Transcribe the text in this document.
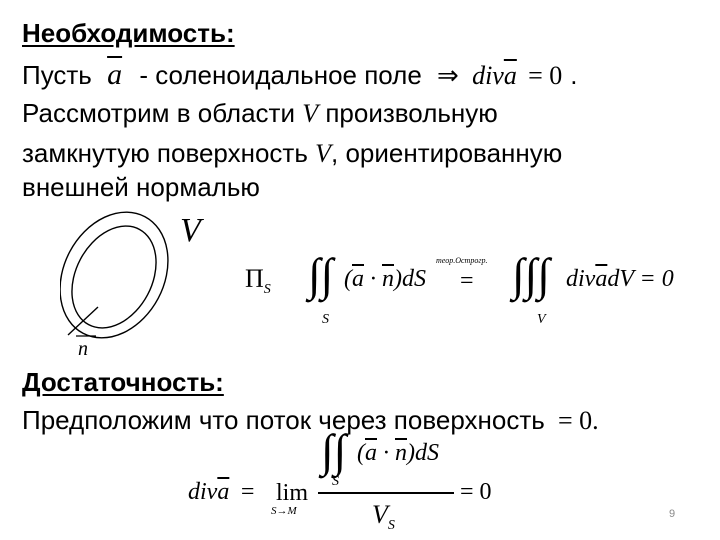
Необходимость:
Пусть $\overline{a}$ - соленоидальное поле ⇒ $div\overline{a} = 0$ .
Рассмотрим в области V произвольную
замкнутую поверхность V, ориентированную
внешней нормалью
V
n
$\Pi_S$ ∫∫
S
$(\overline{a} \cdot \overline{n})dS$
теор.Острогр.
= ∫∫∫
V
$div\overline{a}dV = 0$
Достаточность:
Предположим что поток через поверхность = 0.
$div\overline{a} = \lim$
S→M
∫∫
S
$(\overline{a} \cdot \overline{n})dS$
$V_S$
= 0
9
